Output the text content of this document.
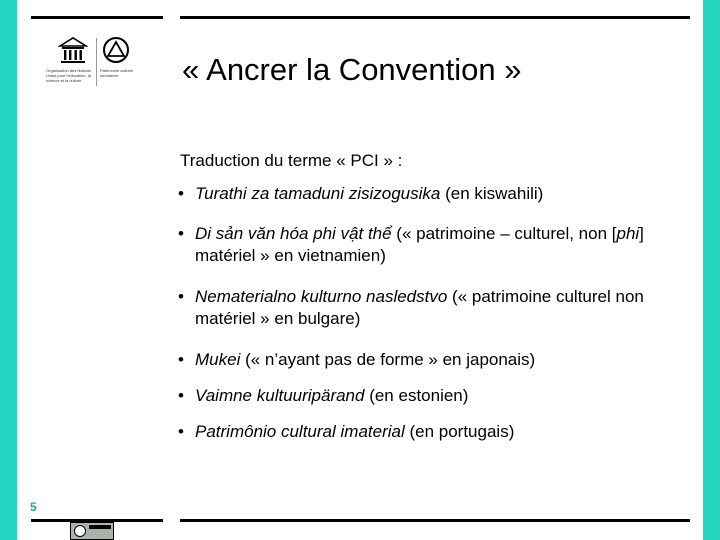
Organisation des Nations Unies pour l’éducation, la science et la culture
Patrimoine culturel immatériel	« Ancrer la Convention »
Traduction du terme « PCI » :
• Turathi za tamaduni zisizogusika (en kiswahili)
• Di sản văn hóa phi vật thể (« patrimoine – culturel, non [phi] matériel » en vietnamien)
• Nematerialno kulturno nasledstvo (« patrimoine culturel non matériel » en bulgare)
• Mukei (« n’ayant pas de forme » en japonais)
• Vaimne kultuuripärand (en estonien)
• Patrimônio cultural imaterial (en portugais)
5
